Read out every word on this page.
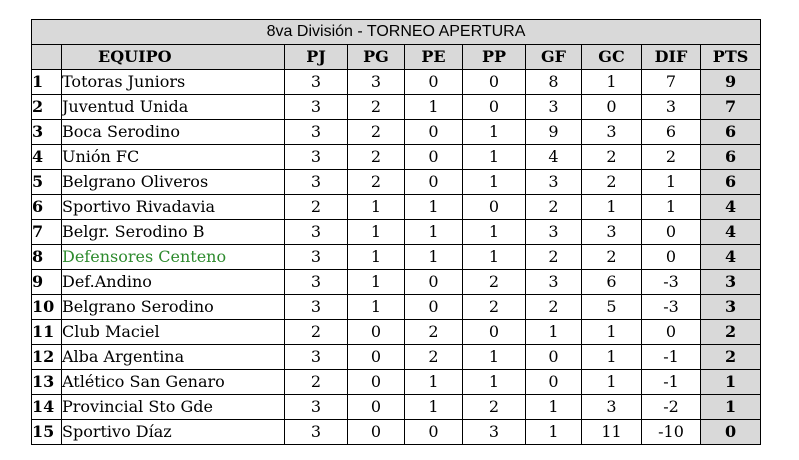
8va División - TORNEO APERTURA									
	EQUIPO	PJ	PG	PE	PP	GF	GC	DIF	PTS
1	Totoras Juniors	3	3	0	0	8	1	7	9
2	Juventud Unida	3	2	1	0	3	0	3	7
3	Boca Serodino	3	2	0	1	9	3	6	6
4	Unión FC	3	2	0	1	4	2	2	6
5	Belgrano Oliveros	3	2	0	1	3	2	1	6
6	Sportivo Rivadavia	2	1	1	0	2	1	1	4
7	Belgr. Serodino B	3	1	1	1	3	3	0	4
8	Defensores Centeno	3	1	1	1	2	2	0	4
9	Def.Andino	3	1	0	2	3	6	-3	3
10	Belgrano Serodino	3	1	0	2	2	5	-3	3
11	Club Maciel	2	0	2	0	1	1	0	2
12	Alba Argentina	3	0	2	1	0	1	-1	2
13	Atlético San Genaro	2	0	1	1	0	1	-1	1
14	Provincial Sto Gde	3	0	1	2	1	3	-2	1
15	Sportivo Díaz	3	0	0	3	1	11	-10	0
